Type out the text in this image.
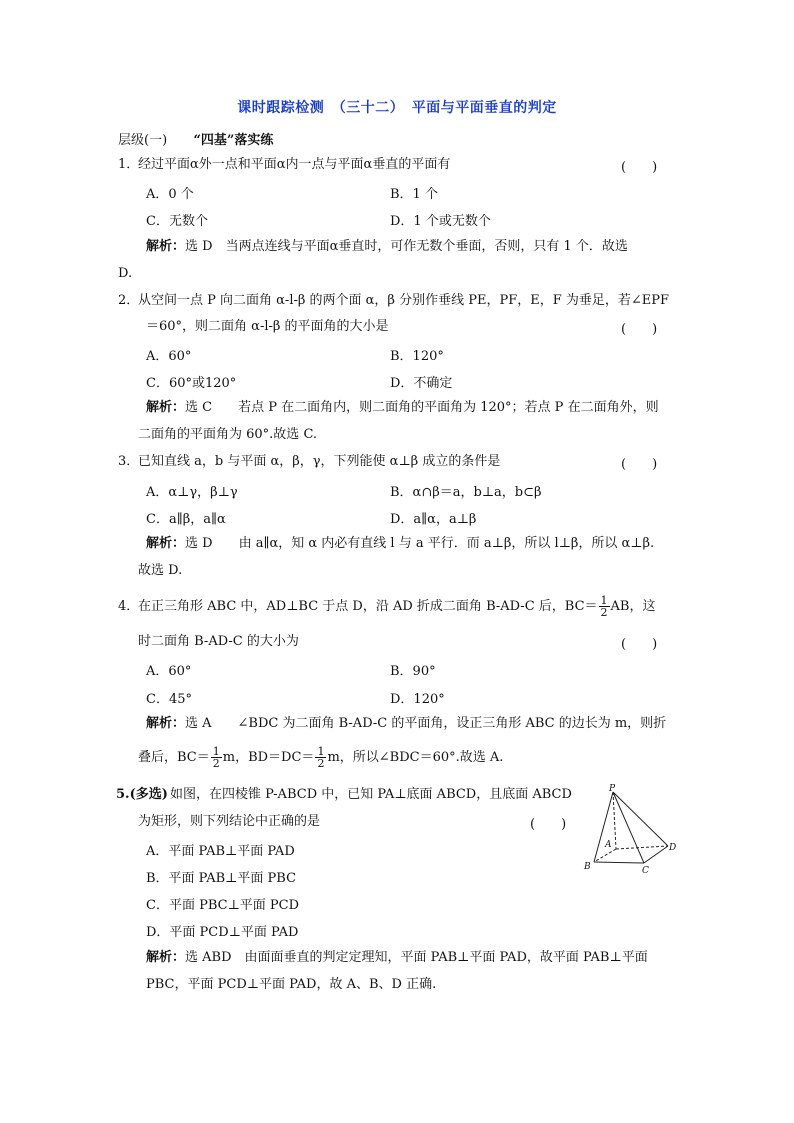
课时跟踪检测　（三十二）　平面与平面垂直的判定
层级(一) “四基”落实练
1．
经过平面α外一点和平面α内一点与平面α垂直的平面有	(　　)
A．0 个	B．1 个
C．无数个	D．1 个或无数个
解析：选 D　当两点连线与平面α垂直时，可作无数个垂面，否则，只有 1 个．故选
D.
2．
从空间一点 P 向二面角 α-l-β 的两个面 α，β 分别作垂线 PE，PF，E，F 为垂足，若∠EPF
＝60°，则二面角 α-l-β 的平面角的大小是	(　　)
A．60°	B．120°
C．60°或120°	D．不确定
解析：选 C　　若点 P 在二面角内，则二面角的平面角为 120°；若点 P 在二面角外，则
二面角的平面角为 60°.故选 C.
3．
已知直线 a，b 与平面 α，β，γ，下列能使 α⊥β 成立的条件是	(　　)
A．α⊥γ，β⊥γ	B．α∩β＝a，b⊥a，b⊂β
C．a∥β，a∥α	D．a∥α，a⊥β
解析：选 D　　由 a∥α，知 α 内必有直线 l 与 a 平行．而 a⊥β，所以 l⊥β，所以 α⊥β.
故选 D.
4．
在正三角形 ABC 中，AD⊥BC 于点 D，沿 AD 折成二面角 B-AD-C 后，$BC= \frac{1}{2}$ AB，这
时二面角 B-AD-C 的大小为	(　　)
A．60°	B．90°
C．45°	D．120°
解析：选 A　　∠BDC 为二面角 B-AD-C 的平面角，设正三角形 ABC 的边长为 m，则折
叠后，$BC= \frac{1}{2}$ m，$BD=DC= \frac{1}{2}$ m，所以∠BDC＝60°.故选 A.
5.(多选) 如图，在四棱锥 P-ABCD 中，已知 PA⊥底面 ABCD，且底面 ABCD
为矩形，则下列结论中正确的是	(　　)
A．平面 PAB⊥平面 PAD
B．平面 PAB⊥平面 PBC
C．平面 PBC⊥平面 PCD
D．平面 PCD⊥平面 PAD
解析：选 ABD　由面面垂直的判定定理知，平面 PAB⊥平面 PAD，故平面 PAB⊥平面
PBC，平面 PCD⊥平面 PAD，故 A、B、D 正确.
P
A
B	C
D
